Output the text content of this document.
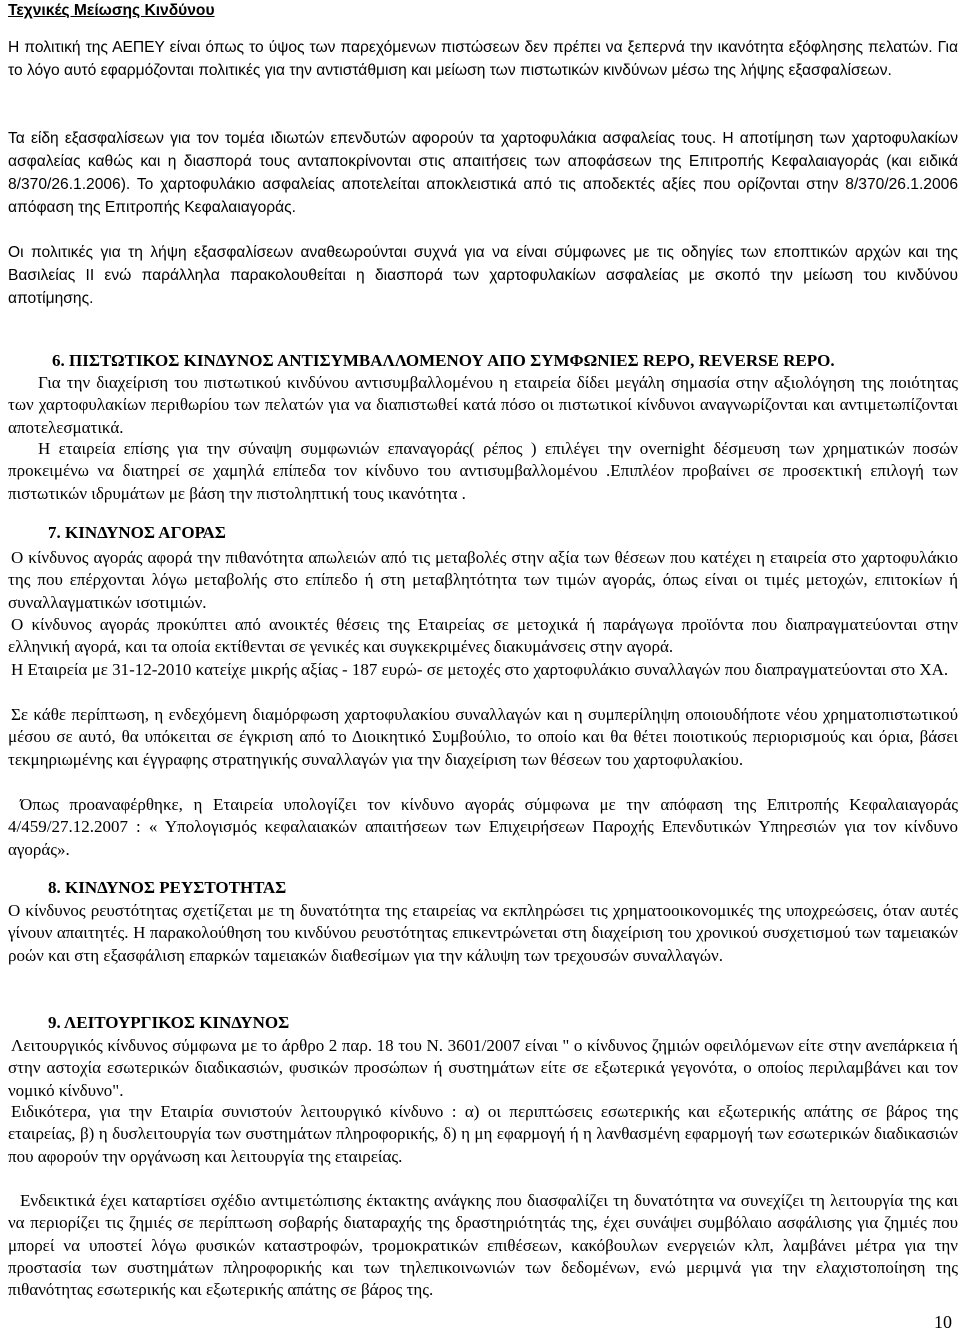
Τεχνικές Μείωσης Κινδύνου

Η πολιτική της ΑΕΠΕΥ είναι όπως το ύψος των παρεχόμενων πιστώσεων δεν πρέπει να ξεπερνά την ικανότητα εξόφλησης πελατών. Για το λόγο αυτό εφαρμόζονται πολιτικές για την αντιστάθμιση και μείωση των πιστωτικών κινδύνων μέσω της λήψης εξασφαλίσεων.

Τα είδη εξασφαλίσεων για τον τομέα ιδιωτών επενδυτών αφορούν τα χαρτοφυλάκια ασφαλείας τους. Η αποτίμηση των χαρτοφυλακίων ασφαλείας καθώς και η διασπορά τους ανταποκρίνονται στις απαιτήσεις των αποφάσεων της Επιτροπής Κεφαλαιαγοράς (και ειδικά 8/370/26.1.2006). Το χαρτοφυλάκιο ασφαλείας αποτελείται αποκλειστικά από τις αποδεκτές αξίες που ορίζονται στην 8/370/26.1.2006 απόφαση της Επιτροπής Κεφαλαιαγοράς.

Οι πολιτικές για τη λήψη εξασφαλίσεων αναθεωρούνται συχνά για να είναι σύμφωνες με τις οδηγίες των εποπτικών αρχών και της Βασιλείας ΙΙ ενώ παράλληλα παρακολουθείται η διασπορά των χαρτοφυλακίων ασφαλείας με σκοπό την μείωση του κινδύνου αποτίμησης.

6. ΠΙΣΤΩΤΙΚΟΣ ΚΙΝΔΥΝΟΣ ΑΝΤΙΣΥΜΒΑΛΛΟΜΕΝΟΥ ΑΠΟ ΣΥΜΦΩΝΙΕΣ REPO, REVERSE REPO.

Για την διαχείριση του πιστωτικού κινδύνου αντισυμβαλλομένου η εταιρεία δίδει μεγάλη σημασία στην αξιολόγηση της ποιότητας των χαρτοφυλακίων περιθωρίου των πελατών για να διαπιστωθεί κατά πόσο οι πιστωτικοί κίνδυνοι αναγνωρίζονται και αντιμετωπίζονται αποτελεσματικά.

Η εταιρεία επίσης για την σύναψη συμφωνιών επαναγοράς( ρέπος ) επιλέγει την overnight δέσμευση των χρηματικών ποσών προκειμένω να διατηρεί σε χαμηλά επίπεδα τον κίνδυνο του αντισυμβαλλομένου .Επιπλέον προβαίνει σε προσεκτική επιλογή των πιστωτικών ιδρυμάτων με βάση την πιστοληπτική τους ικανότητα .

7. ΚΙΝΔΥΝΟΣ ΑΓΟΡΑΣ

Ο κίνδυνος αγοράς αφορά την πιθανότητα απωλειών από τις μεταβολές στην αξία των θέσεων που κατέχει η εταιρεία στο χαρτοφυλάκιο της που επέρχονται λόγω μεταβολής στο επίπεδο ή στη μεταβλητότητα των τιμών αγοράς, όπως είναι οι τιμές μετοχών, επιτοκίων ή συναλλαγματικών ισοτιμιών.

Ο κίνδυνος αγοράς προκύπτει από ανοικτές θέσεις της Εταιρείας σε μετοχικά ή παράγωγα προϊόντα που διαπραγματεύονται στην ελληνική αγορά, και τα οποία εκτίθενται σε γενικές και συγκεκριμένες διακυμάνσεις στην αγορά.

Η Εταιρεία με 31-12-2010 κατείχε μικρής αξίας - 187 ευρώ- σε μετοχές στο χαρτοφυλάκιο συναλλαγών που διαπραγματεύονται στο ΧΑ.

Σε κάθε περίπτωση, η ενδεχόμενη διαμόρφωση χαρτοφυλακίου συναλλαγών και η συμπερίληψη οποιουδήποτε νέου χρηματοπιστωτικού μέσου σε αυτό, θα υπόκειται σε έγκριση από το Διοικητικό Συμβούλιο, το οποίο και θα θέτει ποιοτικούς περιορισμούς και όρια, βάσει τεκμηριωμένης και έγγραφης στρατηγικής συναλλαγών για την διαχείριση των θέσεων του χαρτοφυλακίου.

Όπως προαναφέρθηκε, η Εταιρεία υπολογίζει τον κίνδυνο αγοράς σύμφωνα με την απόφαση της Επιτροπής Κεφαλαιαγοράς 4/459/27.12.2007 : « Υπολογισμός κεφαλαιακών απαιτήσεων των Επιχειρήσεων Παροχής Επενδυτικών Υπηρεσιών για τον κίνδυνο αγοράς».

8. ΚΙΝΔΥΝΟΣ ΡΕΥΣΤΟΤΗΤΑΣ

Ο κίνδυνος ρευστότητας σχετίζεται με τη δυνατότητα της εταιρείας να εκπληρώσει τις χρηματοοικονομικές της υποχρεώσεις, όταν αυτές γίνουν απαιτητές. Η παρακολούθηση του κινδύνου ρευστότητας επικεντρώνεται στη διαχείριση του χρονικού συσχετισμού των ταμειακών ροών και στη εξασφάλιση επαρκών ταμειακών διαθεσίμων για την κάλυψη των τρεχουσών συναλλαγών.

9. ΛΕΙΤΟΥΡΓΙΚΟΣ ΚΙΝΔΥΝΟΣ

Λειτουργικός κίνδυνος σύμφωνα με το άρθρο 2 παρ. 18 του Ν. 3601/2007 είναι " ο κίνδυνος ζημιών οφειλόμενων είτε στην ανεπάρκεια ή στην αστοχία εσωτερικών διαδικασιών, φυσικών προσώπων ή συστημάτων είτε σε εξωτερικά γεγονότα, ο οποίος περιλαμβάνει και τον νομικό κίνδυνο".

Ειδικότερα, για την Εταιρία συνιστούν λειτουργικό κίνδυνο : α) οι περιπτώσεις εσωτερικής και εξωτερικής απάτης σε βάρος της εταιρείας, β) η δυσλειτουργία των συστημάτων πληροφορικής, δ) η μη εφαρμογή ή η λανθασμένη εφαρμογή των εσωτερικών διαδικασιών που αφορούν την οργάνωση και λειτουργία της εταιρείας.

Ενδεικτικά έχει καταρτίσει σχέδιο αντιμετώπισης έκτακτης ανάγκης που διασφαλίζει τη δυνατότητα να συνεχίζει τη λειτουργία της και να περιορίζει τις ζημιές σε περίπτωση σοβαρής διαταραχής της δραστηριότητάς της, έχει συνάψει συμβόλαιο ασφάλισης για ζημιές που μπορεί να υποστεί λόγω φυσικών καταστροφών, τρομοκρατικών επιθέσεων, κακόβουλων ενεργειών κλπ, λαμβάνει μέτρα για την προστασία των συστημάτων πληροφορικής και των τηλεπικοινωνιών των δεδομένων, ενώ μεριμνά για την ελαχιστοποίηση της πιθανότητας εσωτερικής και εξωτερικής απάτης σε βάρος της.

10
